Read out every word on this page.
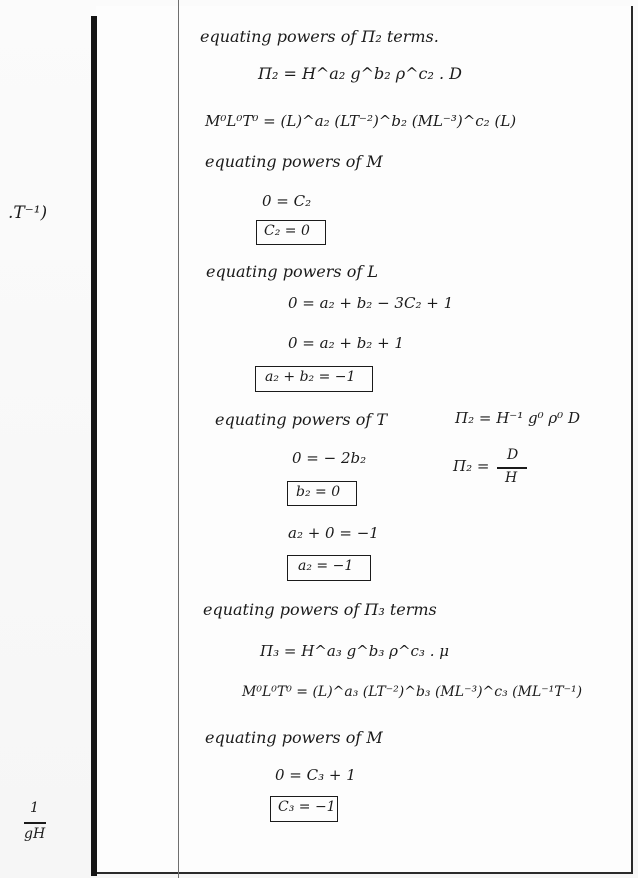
.T⁻¹)
1
gH
equating powers of Π₂ terms.
Π₂ = H^a₂ g^b₂ ρ^c₂ . D
M⁰L⁰T⁰ = (L)^a₂ (LT⁻²)^b₂ (ML⁻³)^c₂ (L)
equating powers of M
0 = C₂
C₂ = 0
equating powers of L
0 = a₂ + b₂ − 3C₂ + 1
0 = a₂ + b₂ + 1
a₂ + b₂ = −1
equating powers of T
0 = − 2b₂
b₂ = 0
a₂ + 0 = −1
a₂ = −1
Π₂ = H⁻¹ g⁰ ρ⁰ D
Π₂ =
D
H
equating powers of Π₃ terms
Π₃ = H^a₃ g^b₃ ρ^c₃ . μ
M⁰L⁰T⁰ = (L)^a₃ (LT⁻²)^b₃ (ML⁻³)^c₃ (ML⁻¹T⁻¹)
equating powers of M
0 = C₃ + 1
C₃ = −1
